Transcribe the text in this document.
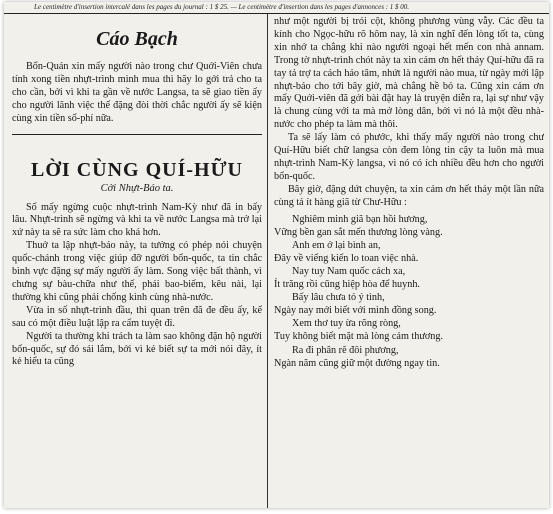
Le centimètre d'insertion intercalé dans les pages du journal : 1 $ 25. — Le centimètre d'insertion dans les pages d'annonces : 1 $ 00.
Cáo Bạch

Bổn-Quán xin mấy người nào trong chư Quới-Viên chưa tính xong tiền nhựt-trình mình mua thì hãy lo gởi trả cho ta cho cần, bởi vì khi ta gần về nước Langsa, ta sẽ giao tiền ấy cho người lãnh việc thế đặng đòi thời chắc người ấy sẽ kiện cùng xin tiền sổ-phí nữa.

LỜI CÙNG QUÍ-HỮU
Cởi Nhựt-Báo ta.

Số mấy ngừng cuộc nhựt-trình Nam-Kỳ như đã in bấy lâu. Nhựt-trình sẽ ngừng và khi ta về nước Langsa mà trở lại xứ này ta sẽ ra sức làm cho khá hơn.

Thuở ta lập nhựt-báo này, ta tưởng có phép nói chuyện quốc-chánh trong việc giúp đỡ người bổn-quốc, ta tin chắc bình vực đặng sự mấy người ấy làm. Song việc bất thành, vì chưng sự bàu-chữa như thế, phải bao-biếm, kêu nài, lại thường khi cũng phải chống kình cùng nhà-nước.

Vừa in số nhựt-trình đầu, thì quan trên đã đe đều ấy, kế sau có một điều luật lập ra cấm tuyệt đi.

Người ta thường khi trách ta làm sao không đặn hộ người bổn-quốc, sự đó sái lắm, bởi vì kẻ biết sự ta mới nói đây, ít kẻ hiểu ta cũng

như một người bị trói cột, không phương vùng vẫy. Các đều ta kính cho Ngọc-hữu rõ hôm nay, là xin nghĩ đến lòng tốt ta, cùng xin nhớ ta chẳng khi nào người ngoại hết mến con nhà annam. Trong tờ nhựt-trình chót này ta xin cảm ơn hết thảy Quí-hữu đã ra tay tả trợ ta cách hảo tâm, nhứt là người nào mua, từ ngày mới lập nhựt-báo cho tới bây giờ, mà chẳng hề bỏ ta. Cũng xin cảm ơn mấy Quới-viên đã gởi bài đặt hay là truyện diễn ra, lại sự như vậy là chung cùng với ta mà mở lòng dân, bởi vì nó là một đều nhà-nước cho phép ta làm mà thôi.

Ta sẽ lấy làm có phước, khi thấy mấy người nào trong chư Quí-Hữu biết chữ langsa còn đem lòng tin cậy ta luôn mà mua nhựt-trình Nam-Kỳ langsa, vì nó có ích nhiều đều hơn cho người bổn-quốc.

Bây giờ, đặng dứt chuyện, ta xin cảm ơn hết thảy một lần nữa cùng tả ít hàng giã từ Chư-Hữu :

Nghiêm minh giã bạn hồi hương,

Vững bền gan sắt mến thương lòng vàng.

Anh em ở lại bình an,

Đây về viếng kiến lo toan việc nhà.

Nay tuy Nam quốc cách xa,

Ít trăng rồi cũng hiệp hòa để huynh.

Bấy lâu chưa tỏ ý tình,

Ngày nay mới biết với mình đồng song.

Xem thơ tuy ừa rõng ròng,

Tuy không biết mặt mà lòng cảm thương.

Ra đi phân rẽ đôi phương,

Ngàn năm cũng giữ một đường ngay tin.
